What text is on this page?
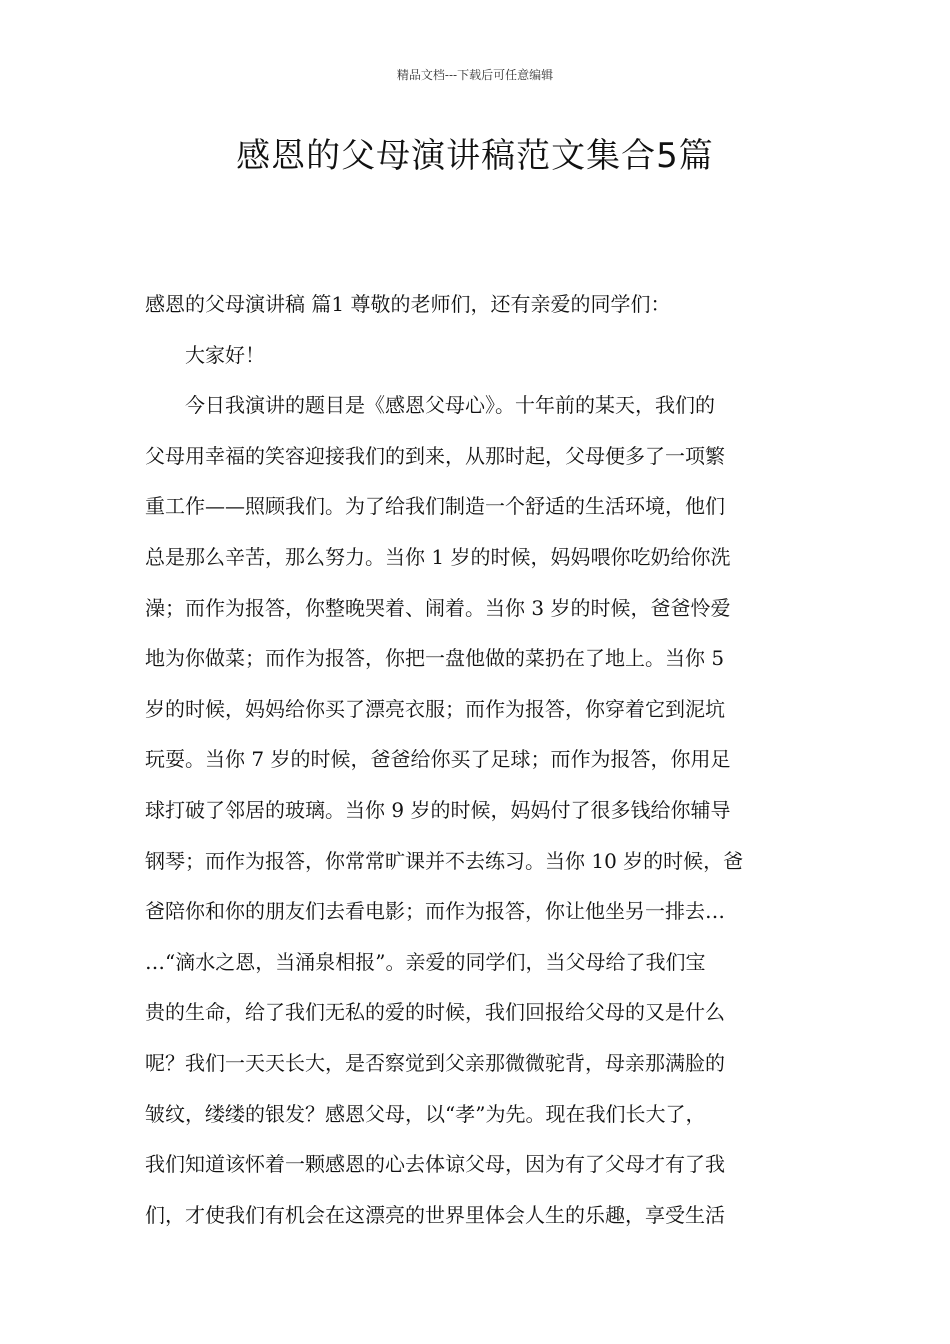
精品文档---下载后可任意编辑
感恩的父母演讲稿范文集合5篇
感恩的父母演讲稿 篇1 尊敬的老师们，还有亲爱的同学们：
　　大家好！
　　今日我演讲的题目是《感恩父母心》。十年前的某天，我们的
父母用幸福的笑容迎接我们的到来，从那时起，父母便多了一项繁
重工作——照顾我们。为了给我们制造一个舒适的生活环境，他们
总是那么辛苦，那么努力。当你 1 岁的时候，妈妈喂你吃奶给你洗
澡；而作为报答，你整晚哭着、闹着。当你 3 岁的时候，爸爸怜爱
地为你做菜；而作为报答，你把一盘他做的菜扔在了地上。当你 5
岁的时候，妈妈给你买了漂亮衣服；而作为报答，你穿着它到泥坑
玩耍。当你 7 岁的时候，爸爸给你买了足球；而作为报答，你用足
球打破了邻居的玻璃。当你 9 岁的时候，妈妈付了很多钱给你辅导
钢琴；而作为报答，你常常旷课并不去练习。当你 10 岁的时候，爸
爸陪你和你的朋友们去看电影；而作为报答，你让他坐另一排去…
…“滴水之恩，当涌泉相报”。亲爱的同学们，当父母给了我们宝
贵的生命，给了我们无私的爱的时候，我们回报给父母的又是什么
呢？我们一天天长大，是否察觉到父亲那微微驼背，母亲那满脸的
皱纹，缕缕的银发？感恩父母，以“孝”为先。现在我们长大了，
我们知道该怀着一颗感恩的心去体谅父母，因为有了父母才有了我
们，才使我们有机会在这漂亮的世界里体会人生的乐趣，享受生活
